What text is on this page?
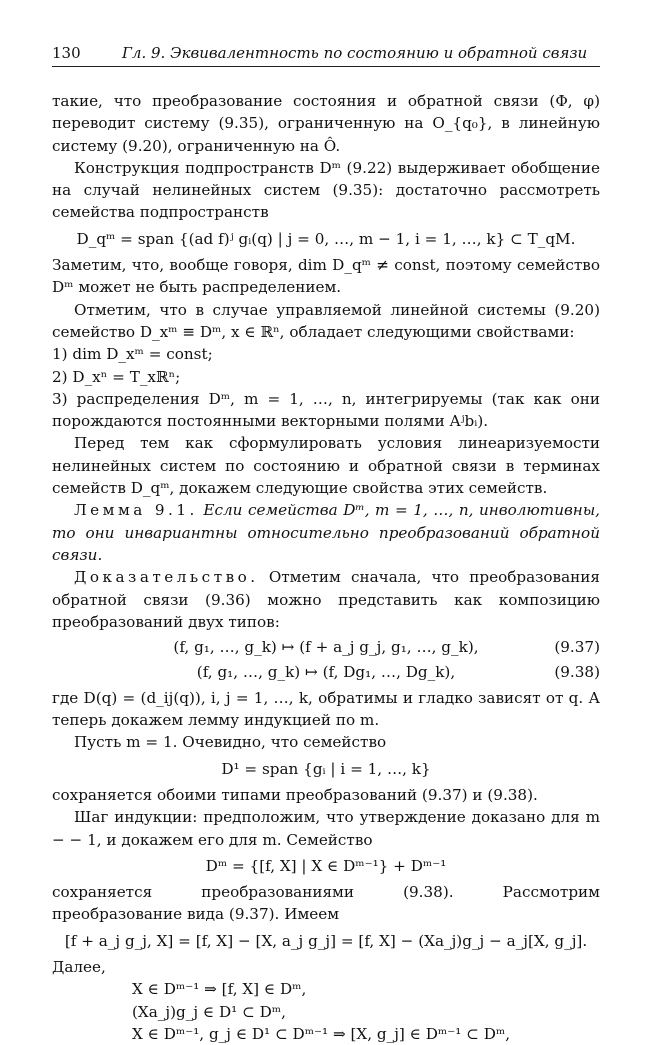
130	Гл. 9. Эквивалентность по состоянию и обратной связи

такие, что преобразование состояния и обратной связи (Φ, φ) переводит систему (9.35), ограниченную на O_{q₀}, в линейную систему (9.20), ограниченную на Ô.

Конструкция подпространств Dᵐ (9.22) выдерживает обобщение на случай нелинейных систем (9.35): достаточно рассмотреть семейства подпространств

D_qᵐ = span {(ad f)ʲ gᵢ(q) | j = 0, …, m − 1, i = 1, …, k} ⊂ T_qM.

Заметим, что, вообще говоря, dim D_qᵐ ≠ const, поэтому семейство Dᵐ может не быть распределением.

Отметим, что в случае управляемой линейной системы (9.20) семейство D_xᵐ ≡ Dᵐ, x ∈ ℝⁿ, обладает следующими свойствами:

1) dim D_xᵐ = const;

2) D_xⁿ = T_xℝⁿ;

3) распределения Dᵐ, m = 1, …, n, интегрируемы (так как они порождаются постоянными векторными полями Aʲbᵢ).

Перед тем как сформулировать условия линеаризуемости нелинейных систем по состоянию и обратной связи в терминах семейств D_qᵐ, докажем следующие свойства этих семейств.

Лемма 9.1. Если семейства Dᵐ, m = 1, …, n, инволютивны, то они инвариантны относительно преобразований обратной связи.

Доказательство. Отметим сначала, что преобразования обратной связи (9.36) можно представить как композицию преобразований двух типов:

(f, g₁, …, g_k) ↦ (f + a_j g_j, g₁, …, g_k),	(9.37)
(f, g₁, …, g_k) ↦ (f, Dg₁, …, Dg_k),	(9.38)

где D(q) = (d_ij(q)), i, j = 1, …, k, обратимы и гладко зависят от q. А теперь докажем лемму индукцией по m.

Пусть m = 1. Очевидно, что семейство

D¹ = span {gᵢ | i = 1, …, k}

сохраняется обоими типами преобразований (9.37) и (9.38).

Шаг индукции: предположим, что утверждение доказано для m − − 1, и докажем его для m. Семейство

Dᵐ = {[f, X] | X ∈ Dᵐ⁻¹} + Dᵐ⁻¹

сохраняется преобразованиями (9.38). Рассмотрим преобразование вида (9.37). Имеем

[f + a_j g_j, X] = [f, X] − [X, a_j g_j] = [f, X] − (Xa_j)g_j − a_j[X, g_j].

Далее,

X ∈ Dᵐ⁻¹ ⇒ [f, X] ∈ Dᵐ,

(Xa_j)g_j ∈ D¹ ⊂ Dᵐ,

X ∈ Dᵐ⁻¹, g_j ∈ D¹ ⊂ Dᵐ⁻¹ ⇒ [X, g_j] ∈ Dᵐ⁻¹ ⊂ Dᵐ,
